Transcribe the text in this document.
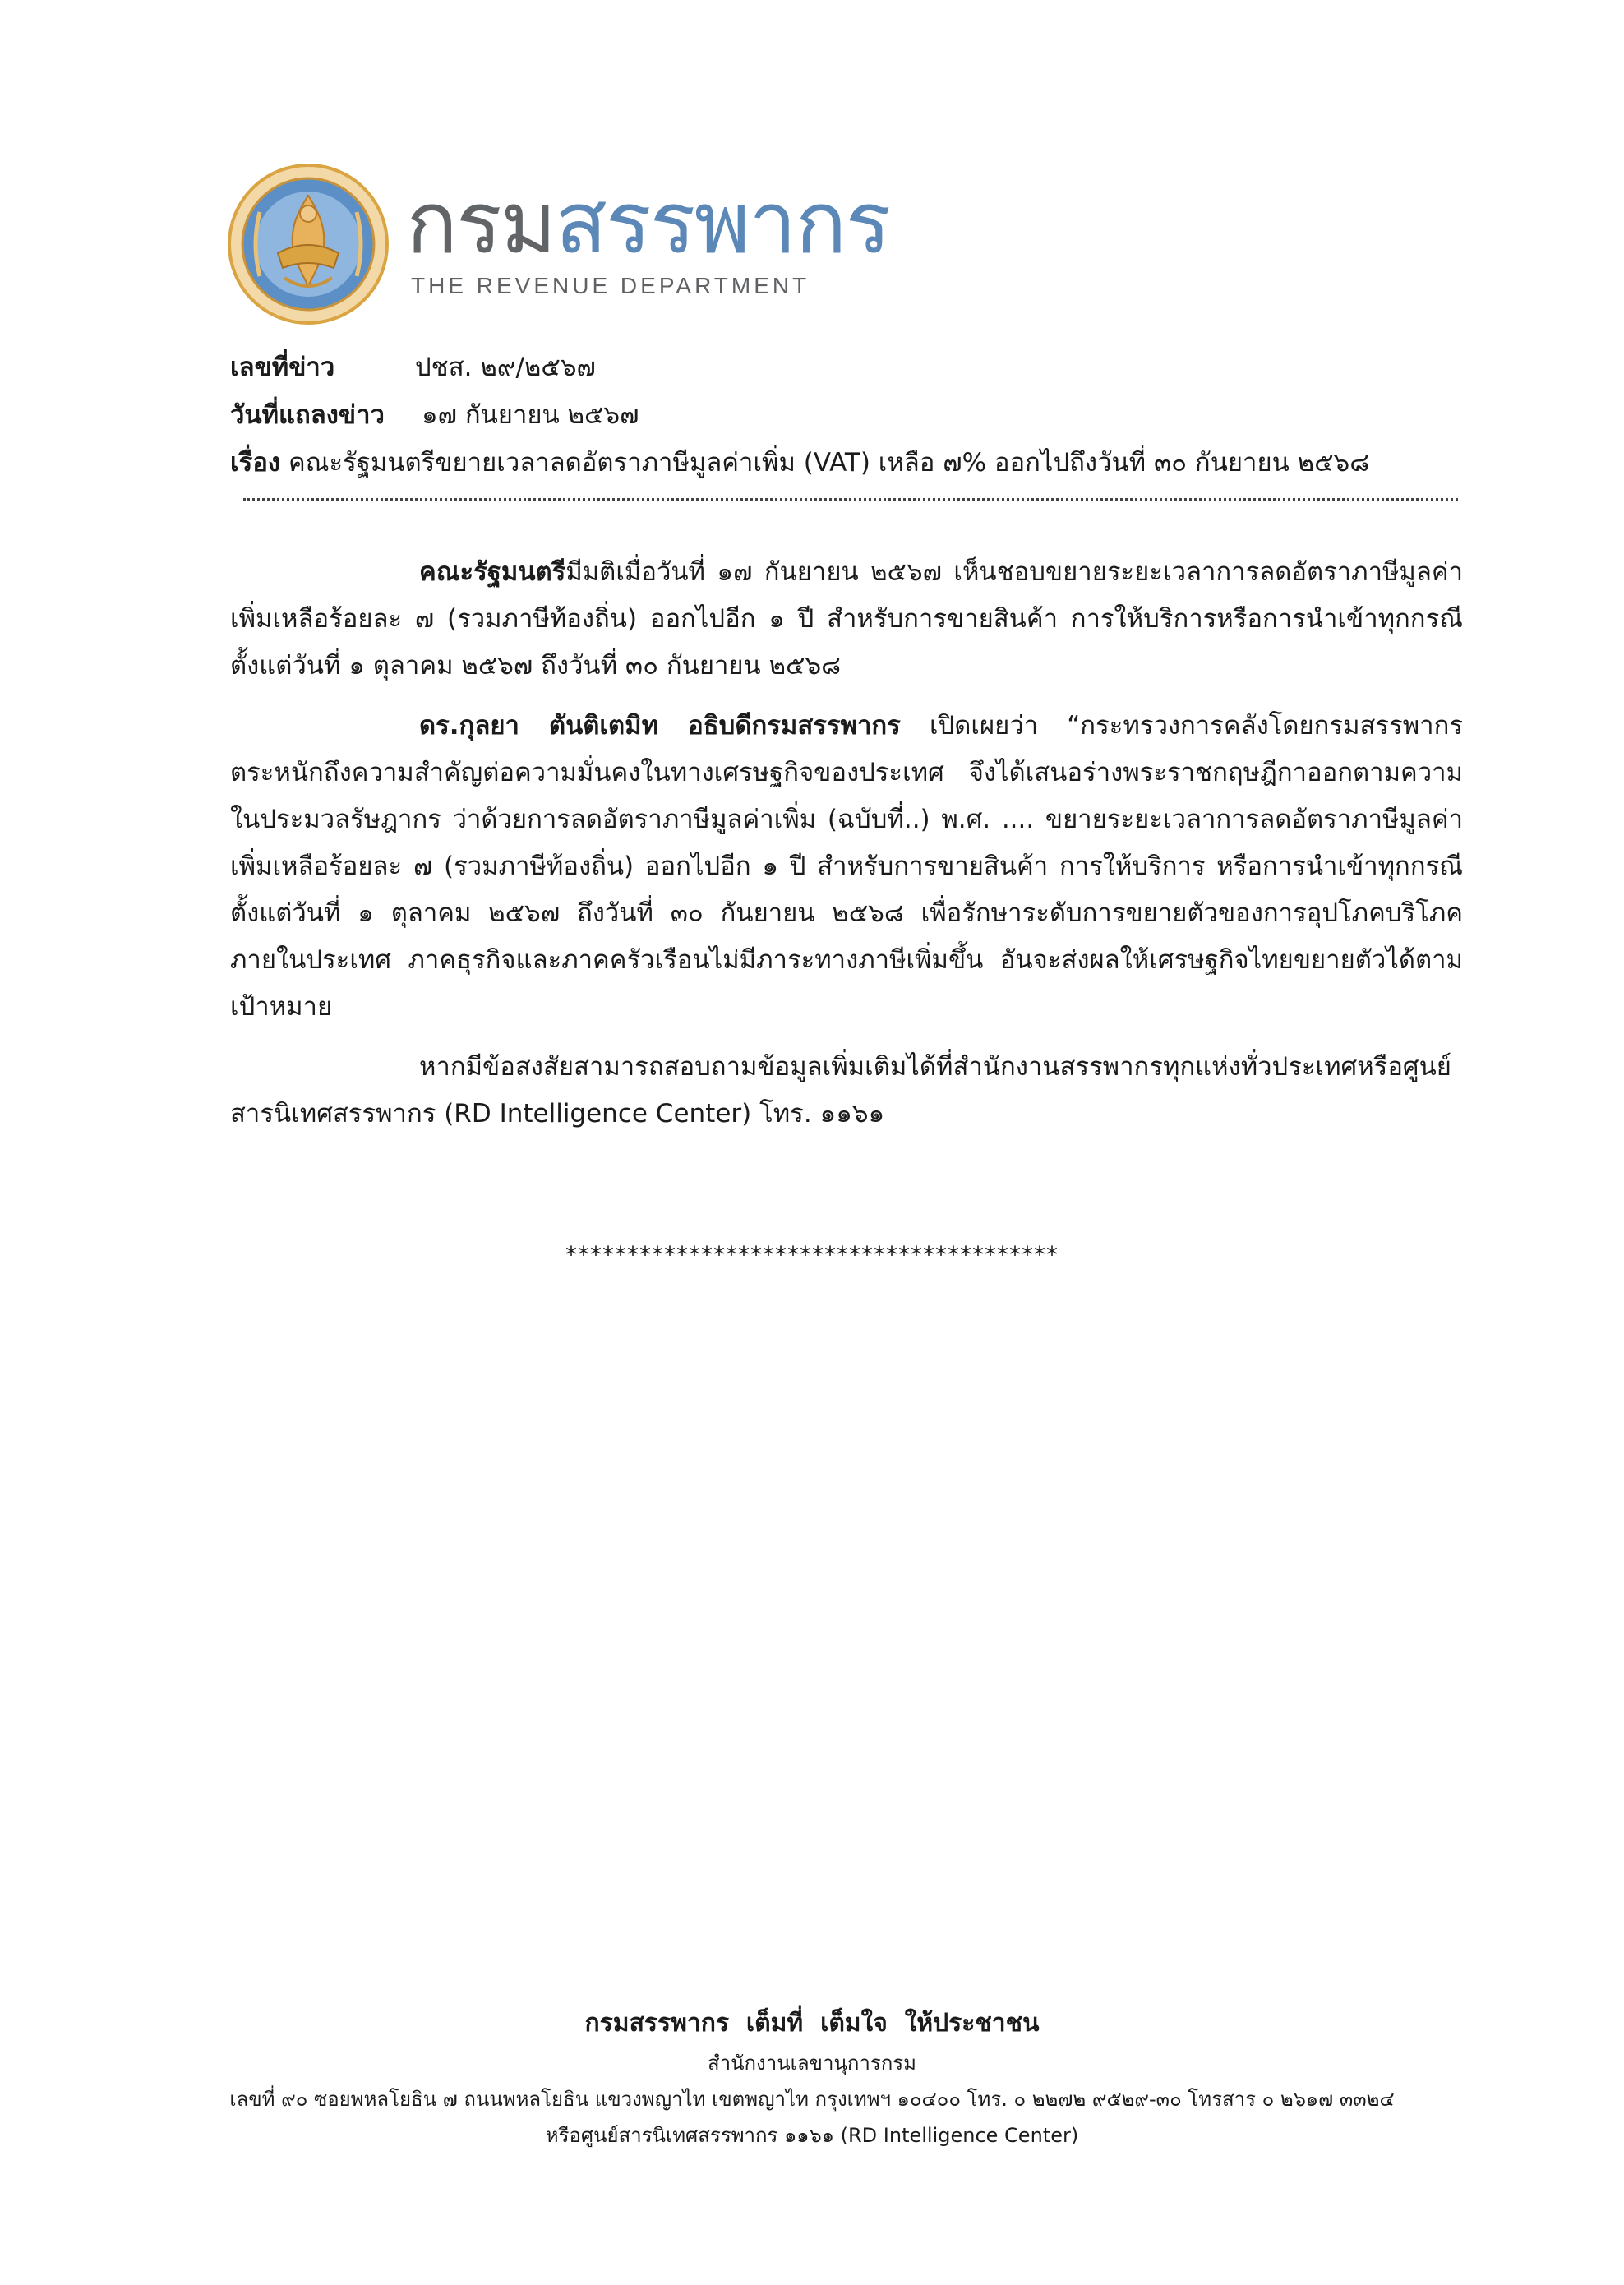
กรมสรรพากร
THE REVENUE DEPARTMENT
เลขที่ข่าว	ปชส. ๒๙/๒๕๖๗
วันที่แถลงข่าว ๑๗ กันยายน ๒๕๖๗
เรื่อง คณะรัฐมนตรีขยายเวลาลดอัตราภาษีมูลค่าเพิ่ม (VAT) เหลือ ๗% ออกไปถึงวันที่ ๓๐ กันยายน ๒๕๖๘

คณะรัฐมนตรีมีมติเมื่อวันที่ ๑๗ กันยายน ๒๕๖๗ เห็นชอบขยายระยะเวลาการลดอัตราภาษีมูลค่าเพิ่มเหลือร้อยละ ๗ (รวมภาษีท้องถิ่น) ออกไปอีก ๑ ปี สำหรับการขายสินค้า การให้บริการหรือการนำเข้าทุกกรณี ตั้งแต่วันที่ ๑ ตุลาคม ๒๕๖๗ ถึงวันที่ ๓๐ กันยายน ๒๕๖๘

ดร.กุลยา ตันติเตมิท อธิบดีกรมสรรพากร เปิดเผยว่า “กระทรวงการคลังโดยกรมสรรพากรตระหนักถึงความสำคัญต่อความมั่นคงในทางเศรษฐกิจของประเทศ จึงได้เสนอร่างพระราชกฤษฎีกาออกตามความในประมวลรัษฎากร ว่าด้วยการลดอัตราภาษีมูลค่าเพิ่ม (ฉบับที่..) พ.ศ. .... ขยายระยะเวลาการลดอัตราภาษีมูลค่าเพิ่มเหลือร้อยละ ๗ (รวมภาษีท้องถิ่น) ออกไปอีก ๑ ปี สำหรับการขายสินค้า การให้บริการ หรือการนำเข้าทุกกรณี ตั้งแต่วันที่ ๑ ตุลาคม ๒๕๖๗ ถึงวันที่ ๓๐ กันยายน ๒๕๖๘ เพื่อรักษาระดับการขยายตัวของการอุปโภคบริโภคภายในประเทศ ภาคธุรกิจและภาคครัวเรือนไม่มีภาระทางภาษีเพิ่มขึ้น อันจะส่งผลให้เศรษฐกิจไทยขยายตัวได้ตามเป้าหมาย

หากมีข้อสงสัยสามารถสอบถามข้อมูลเพิ่มเติมได้ที่สำนักงานสรรพากรทุกแห่งทั่วประเทศหรือศูนย์สารนิเทศสรรพากร (RD Intelligence Center) โทร. ๑๑๖๑

****************************************
กรมสรรพากร  เต็มที่  เต็มใจ  ให้ประชาชน
สำนักงานเลขานุการกรม
เลขที่ ๙๐ ซอยพหลโยธิน ๗ ถนนพหลโยธิน แขวงพญาไท เขตพญาไท กรุงเทพฯ ๑๐๔๐๐ โทร. ๐ ๒๒๗๒ ๙๕๒๙-๓๐ โทรสาร ๐ ๒๖๑๗ ๓๓๒๔
หรือศูนย์สารนิเทศสรรพากร ๑๑๖๑ (RD Intelligence Center)
